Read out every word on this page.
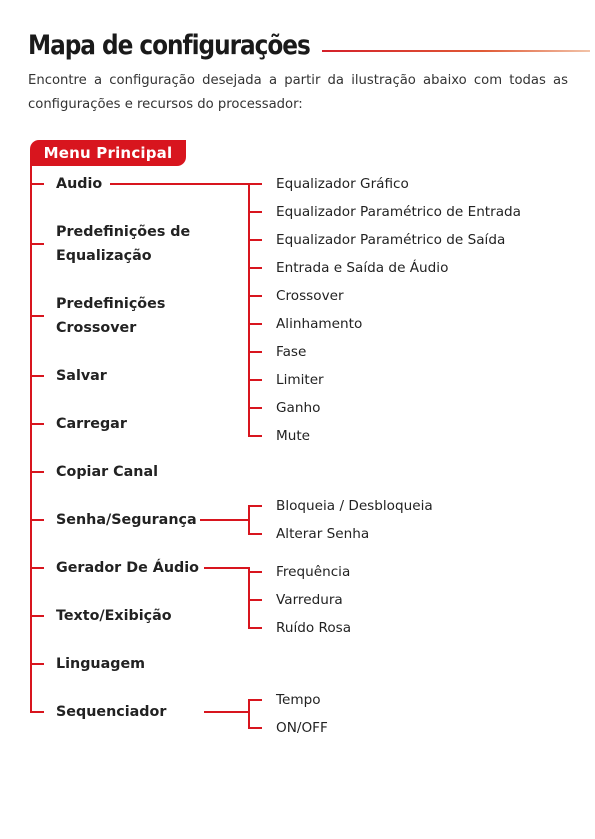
Mapa de configurações
Encontre a configuração desejada a partir da ilustração abaixo com todas as configurações e recursos do processador:
Menu Principal
Audio
Predefinições de Equalização
Predefinições Crossover
Salvar
Carregar
Copiar Canal
Senha/Segurança
Gerador De Áudio
Texto/Exibição
Linguagem
Sequenciador
Equalizador Gráfico
Equalizador Paramétrico de Entrada
Equalizador Paramétrico de Saída
Entrada e Saída de Áudio
Crossover
Alinhamento
Fase
Limiter
Ganho
Mute
Bloqueia / Desbloqueia
Alterar Senha
Frequência
Varredura
Ruído Rosa
Tempo
ON/OFF
